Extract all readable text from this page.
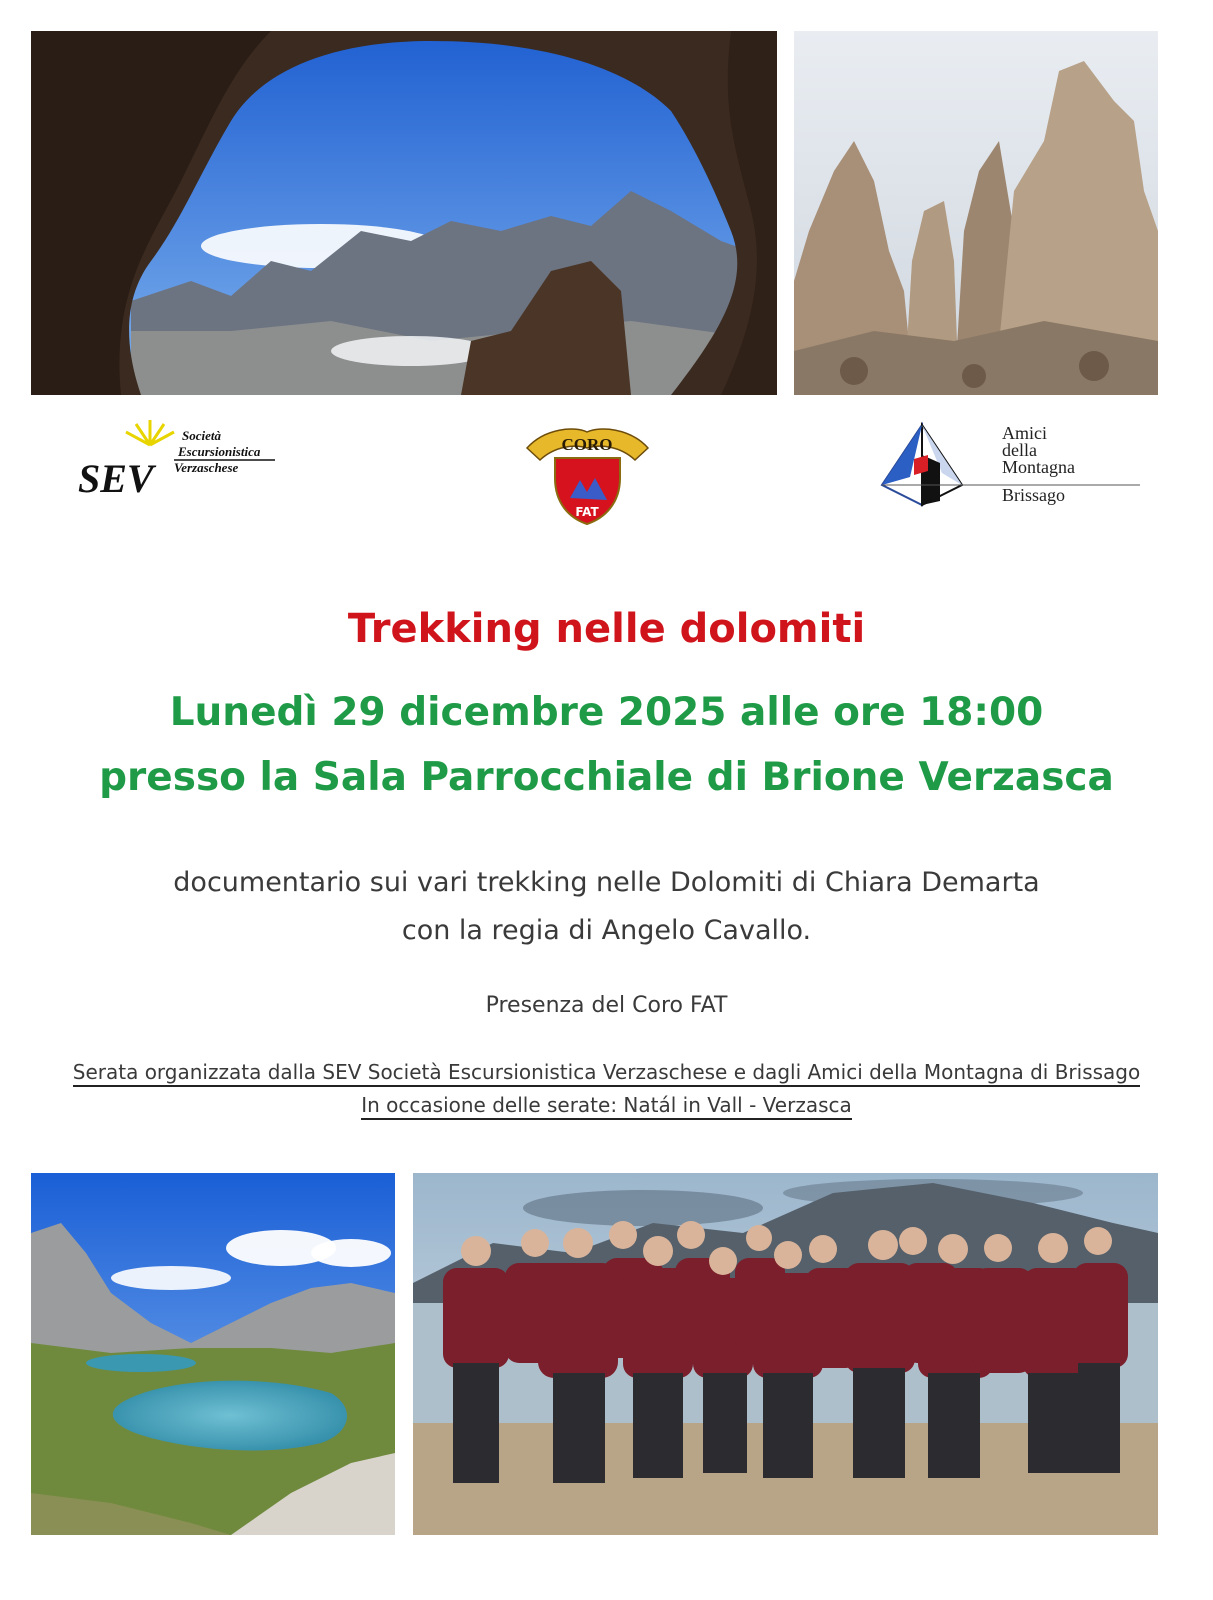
SEV
Società
Escursionistica
Verzaschese
CORO
FAT
Amici
della
Montagna
Brissago
Trekking nelle dolomiti
Lunedì 29 dicembre 2025 alle ore 18:00
presso la Sala Parrocchiale di Brione Verzasca
documentario sui vari trekking nelle Dolomiti di Chiara Demarta
con la regia di Angelo Cavallo.
Presenza del Coro FAT
Serata organizzata dalla SEV Società Escursionistica Verzaschese e dagli Amici della Montagna di Brissago
In occasione delle serate: Natál in Vall - Verzasca
